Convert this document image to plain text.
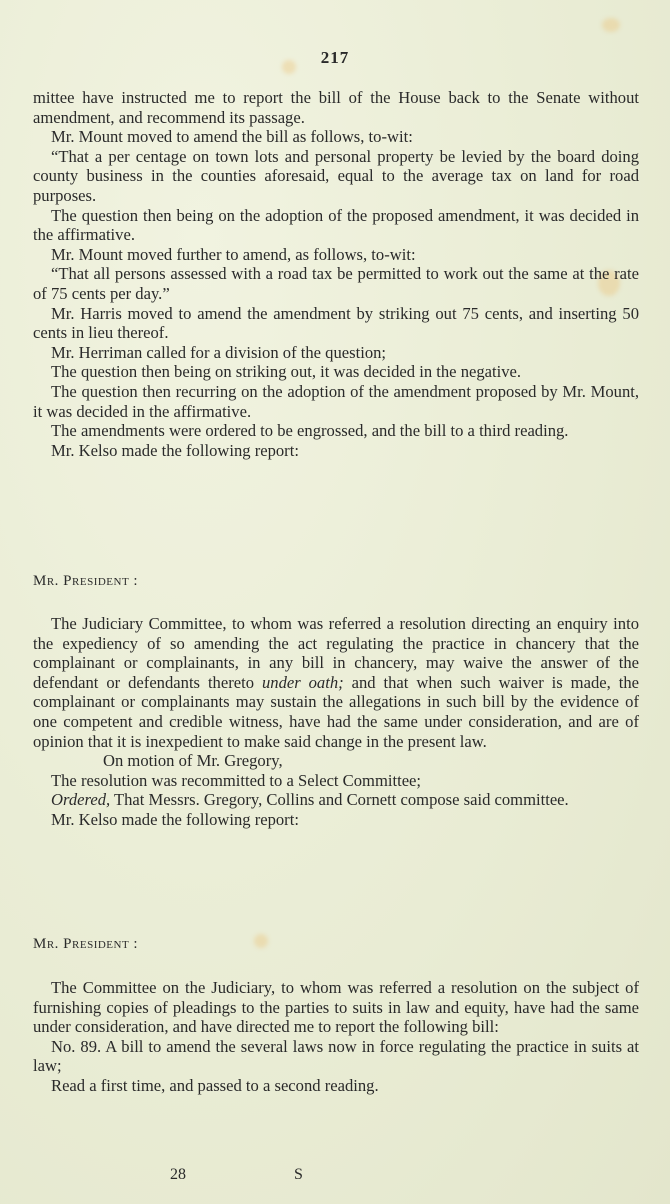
217

mittee have instructed me to report the bill of the House back to the Senate without amendment, and recommend its passage.

Mr. Mount moved to amend the bill as follows, to-wit:

“That a per centage on town lots and personal property be levied by the board doing county business in the counties aforesaid, equal to the average tax on land for road purposes.

The question then being on the adoption of the proposed amendment, it was decided in the affirmative.

Mr. Mount moved further to amend, as follows, to-wit:

“That all persons assessed with a road tax be permitted to work out the same at the rate of 75 cents per day.”

Mr. Harris moved to amend the amendment by striking out 75 cents, and inserting 50 cents in lieu thereof.

Mr. Herriman called for a division of the question;

The question then being on striking out, it was decided in the negative.

The question then recurring on the adoption of the amendment proposed by Mr. Mount, it was decided in the affirmative.

The amendments were ordered to be engrossed, and the bill to a third reading.

Mr. Kelso made the following report:

Mr. President :

The Judiciary Committee, to whom was referred a resolution directing an enquiry into the expediency of so amending the act regulating the practice in chancery that the complainant or complainants, in any bill in chancery, may waive the answer of the defendant or defendants thereto under oath; and that when such waiver is made, the complainant or complainants may sustain the allegations in such bill by the evidence of one competent and credible witness, have had the same under consideration, and are of opinion that it is inexpedient to make said change in the present law.

On motion of Mr. Gregory,

The resolution was recommitted to a Select Committee;

Ordered, That Messrs. Gregory, Collins and Cornett compose said committee.

Mr. Kelso made the following report:

Mr. President :

The Committee on the Judiciary, to whom was referred a resolution on the subject of furnishing copies of pleadings to the parties to suits in law and equity, have had the same under consideration, and have directed me to report the following bill:

No. 89. A bill to amend the several laws now in force regulating the practice in suits at law;

Read a first time, and passed to a second reading.

28	S
